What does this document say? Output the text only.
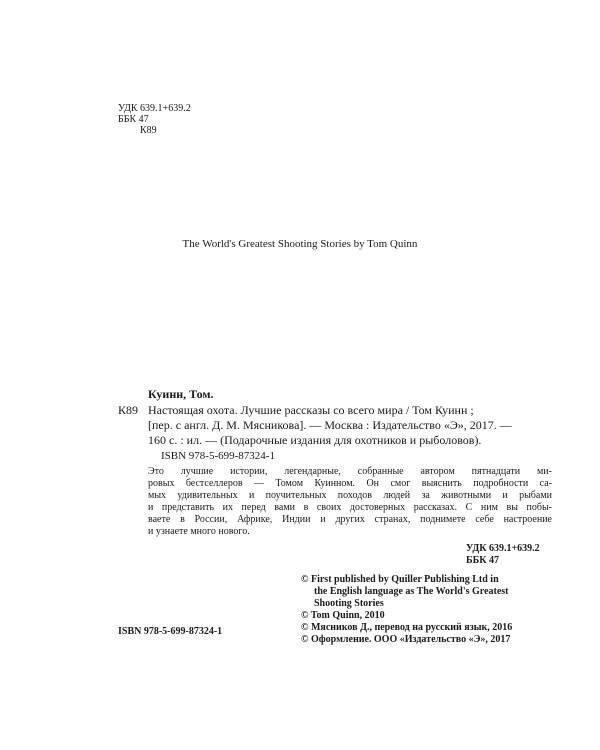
УДК 639.1+639.2
ББК 47
К89
The World's Greatest Shooting Stories by Tom Quinn
Куинн, Том.
К89 Настоящая охота. Лучшие рассказы со всего мира / Том Куинн ;
[пер. с англ. Д. М. Мясникова]. — Москва : Издательство «Э», 2017. —
160 с. : ил. — (Подарочные издания для охотников и рыболовов).
ISBN 978-5-699-87324-1
Это лучшие истории, легендарные, собранные автором пятнадцати ми-
ровых бестселлеров — Томом Куинном. Он смог выяснить подробности са-
мых удивительных и поучительных походов людей за животными и рыбами
и представить их перед вами в своих достоверных рассказах. С ним вы побы-
ваете в России, Африке, Индии и других странах, поднимете себе настроение
и узнаете много нового.
УДК 639.1+639.2
ББК 47
© First published by Quiller Publishing Ltd in
the English language as The World's Greatest
Shooting Stories
© Tom Quinn, 2010
© Мясников Д., перевод на русский язык, 2016
© Оформление. ООО «Издательство «Э», 2017
ISBN 978-5-699-87324-1
